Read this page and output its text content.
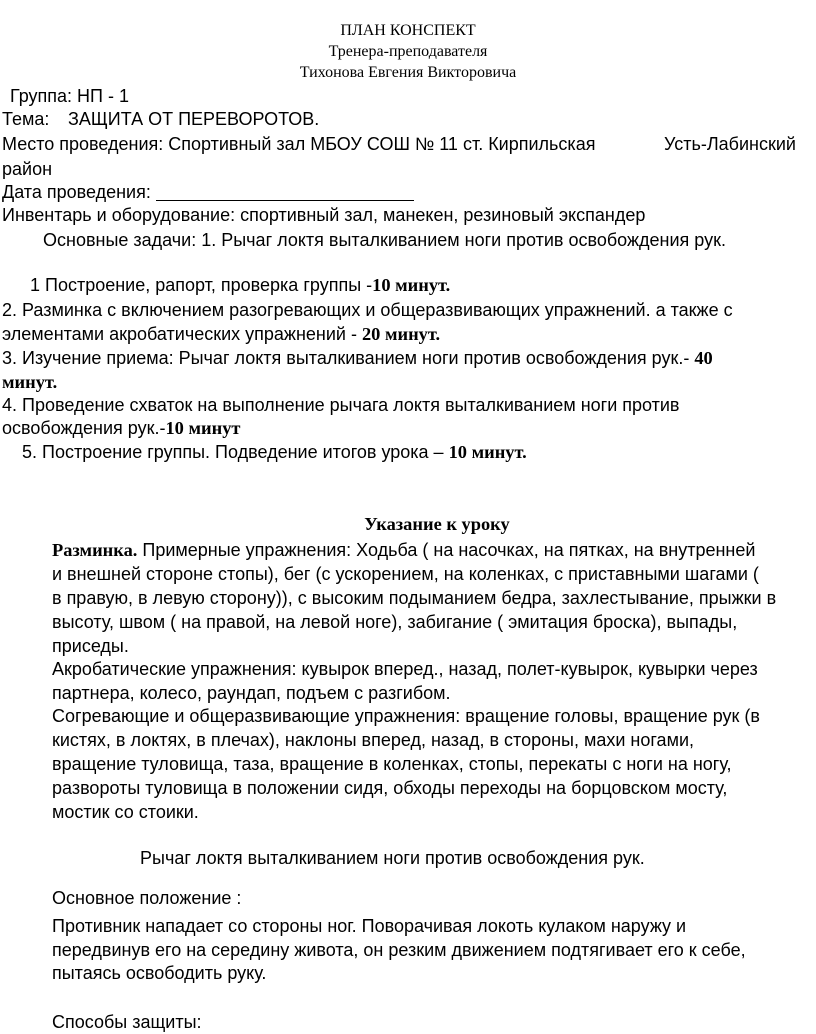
ПЛАН КОНСПЕКТ
Тренера-преподавателя
Тихонова Евгения Викторовича
Группа: НП - 1
Тема: ЗАЩИТА ОТ ПЕРЕВОРОТОВ.
Место проведения: Спортивный зал МБОУ СОШ № 11 ст. Кирпильская	Усть-Лабинский
район
Дата проведения:
Инвентарь и оборудование: спортивный зал, манекен, резиновый экспандер
Основные задачи: 1. Рычаг локтя выталкиванием ноги против освобождения рук.
1 Построение, рапорт, проверка группы -10 минут.
2. Разминка с включением разогревающих и общеразвивающих упражнений. а также с
элементами акробатических упражнений - 20 минут.
3. Изучение приема: Рычаг локтя выталкиванием ноги против освобождения рук.- 40
минут.
4. Проведение схваток на выполнение рычага локтя выталкиванием ноги против
освобождения рук.-10 минут
5. Построение группы. Подведение итогов урока – 10 минут.
Указание к уроку
Разминка. Примерные упражнения: Ходьба ( на насочках, на пятках, на внутренней
и внешней стороне стопы), бег (с ускорением, на коленках, с приставными шагами (
в правую, в левую сторону)), с высоким подыманием бедра, захлестывание, прыжки в
высоту, швом ( на правой, на левой ноге), забигание ( эмитация броска), выпады,
приседы.
Акробатические упражнения: кувырок вперед., назад, полет-кувырок, кувырки через
партнера, колесо, раундап, подъем с разгибом.
Согревающие и общеразвивающие упражнения: вращение головы, вращение рук (в
кистях, в локтях, в плечах), наклоны вперед, назад, в стороны, махи ногами,
вращение туловища, таза, вращение в коленках, стопы, перекаты с ноги на ногу,
развороты туловища в положении сидя, обходы переходы на борцовском мосту,
мостик со стоики.
Рычаг локтя выталкиванием ноги против освобождения рук.
Основное положение :
Противник нападает со стороны ног. Поворачивая локоть кулаком наружу и
передвинув его на середину живота, он резким движением подтягивает его к себе,
пытаясь освободить руку.
Способы защиты:
